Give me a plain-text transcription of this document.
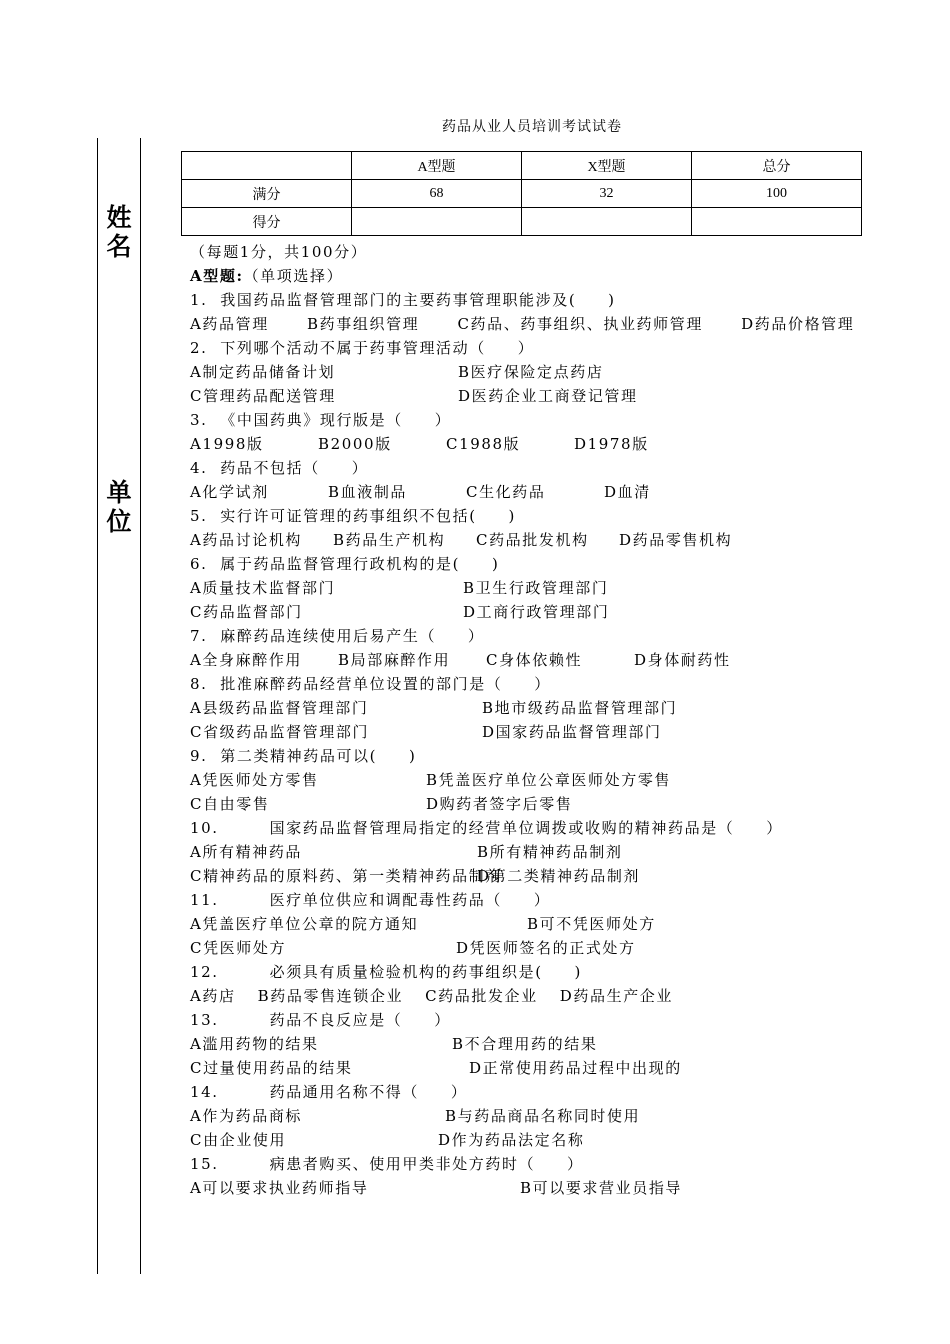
药品从业人员培训考试试卷
姓
名
单
位
	A型题	X型题	总分
满分	68	32	100
得分			
（每题1分，共100分）
A型题:（单项选择）
1.  我国药品监督管理部门的主要药事管理职能涉及(     )
A药品管理      B药事组织管理      C药品、药事组织、执业药师管理      D药品价格管理
2.  下列哪个活动不属于药事管理活动（     ）
A制定药品储备计划	B医疗保险定点药店
C管理药品配送管理	D医药企业工商登记管理
3.  《中国药典》现行版是（     ）
A1998版	B2000版	C1988版	D1978版
4.  药品不包括（     ）
A化学试剂	B血液制品	C生化药品	D血清
5.  实行许可证管理的药事组织不包括(     )
A药品讨论机构	B药品生产机构	C药品批发机构	D药品零售机构
6.  属于药品监督管理行政机构的是(     )
A质量技术监督部门	B卫生行政管理部门
C药品监督部门	D工商行政管理部门
7.  麻醉药品连续使用后易产生（     ）
A全身麻醉作用	B局部麻醉作用	C身体依赖性	D身体耐药性
8.  批准麻醉药品经营单位设置的部门是（     ）
A县级药品监督管理部门	B地市级药品监督管理部门
C省级药品监督管理部门	D国家药品监督管理部门
9.  第二类精神药品可以(     )
A凭医师处方零售	B凭盖医疗单位公章医师处方零售
C自由零售	D购药者签字后零售
10.        国家药品监督管理局指定的经营单位调拨或收购的精神药品是（     ）
A所有精神药品	B所有精神药品制剂
C精神药品的原料药、第一类精神药品制剂
D第二类精神药品制剂
11.        医疗单位供应和调配毒性药品（     ）
A凭盖医疗单位公章的院方通知	B可不凭医师处方
C凭医师处方	D凭医师签名的正式处方
12.        必须具有质量检验机构的药事组织是(     )
A药店 B药品零售连锁企业 C药品批发企业 D药品生产企业
13.        药品不良反应是（     ）
A滥用药物的结果	B不合理用药的结果
C过量使用药品的结果	D正常使用药品过程中出现的
14.        药品通用名称不得（     ）
A作为药品商标	B与药品商品名称同时使用
C由企业使用	D作为药品法定名称
15.        病患者购买、使用甲类非处方药时（     ）
A可以要求执业药师指导	B可以要求营业员指导
